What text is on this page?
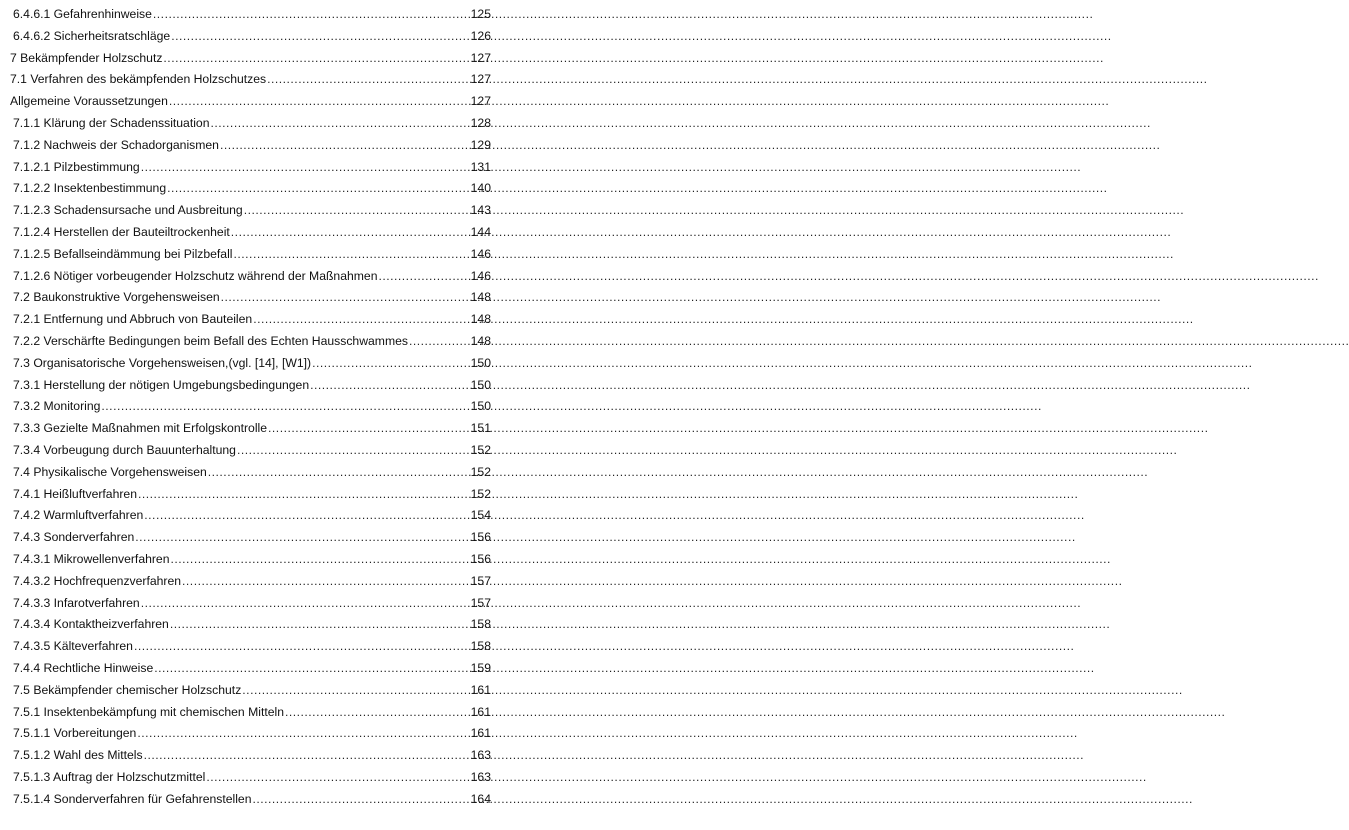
6.4.6.1 Gefahrenhinweise .....	125
6.4.6.2 Sicherheitsratschläge .....	126
7 Bekämpfender Holzschutz .....	127
7.1 Verfahren des bekämpfenden Holzschutzes .....	127
Allgemeine Voraussetzungen .....	127
7.1.1 Klärung der Schadenssituation .....	128
7.1.2 Nachweis der Schadorganismen .....	129
7.1.2.1 Pilzbestimmung .....	131
7.1.2.2 Insektenbestimmung .....	140
7.1.2.3 Schadensursache und Ausbreitung .....	143
7.1.2.4 Herstellen der Bauteiltrockenheit .....	144
7.1.2.5 Befallseindämmung bei Pilzbefall .....	146
7.1.2.6 Nötiger vorbeugender Holzschutz während der Maßnahmen .....	146
7.2 Baukonstruktive Vorgehensweisen .....	148
7.2.1 Entfernung und Abbruch von Bauteilen .....	148
7.2.2 Verschärfte Bedingungen beim Befall des Echten Hausschwammes .....	148
7.3 Organisatorische Vorgehensweisen,(vgl. [14], [W1]) .....	150
7.3.1 Herstellung der nötigen Umgebungsbedingungen .....	150
7.3.2 Monitoring .....	150
7.3.3 Gezielte Maßnahmen mit Erfolgskontrolle .....	151
7.3.4 Vorbeugung durch Bauunterhaltung .....	152
7.4 Physikalische Vorgehensweisen .....	152
7.4.1 Heißluftverfahren .....	152
7.4.2 Warmluftverfahren .....	154
7.4.3 Sonderverfahren .....	156
7.4.3.1 Mikrowellenverfahren .....	156
7.4.3.2 Hochfrequenzverfahren .....	157
7.4.3.3 Infarotverfahren .....	157
7.4.3.4 Kontaktheizverfahren .....	158
7.4.3.5 Kälteverfahren .....	158
7.4.4 Rechtliche Hinweise .....	159
7.5 Bekämpfender chemischer Holzschutz .....	161
7.5.1 Insektenbekämpfung mit chemischen Mitteln .....	161
7.5.1.1 Vorbereitungen .....	161
7.5.1.2 Wahl des Mittels .....	163
7.5.1.3 Auftrag der Holzschutzmittel .....	163
7.5.1.4 Sonderverfahren für Gefahrenstellen .....	164
